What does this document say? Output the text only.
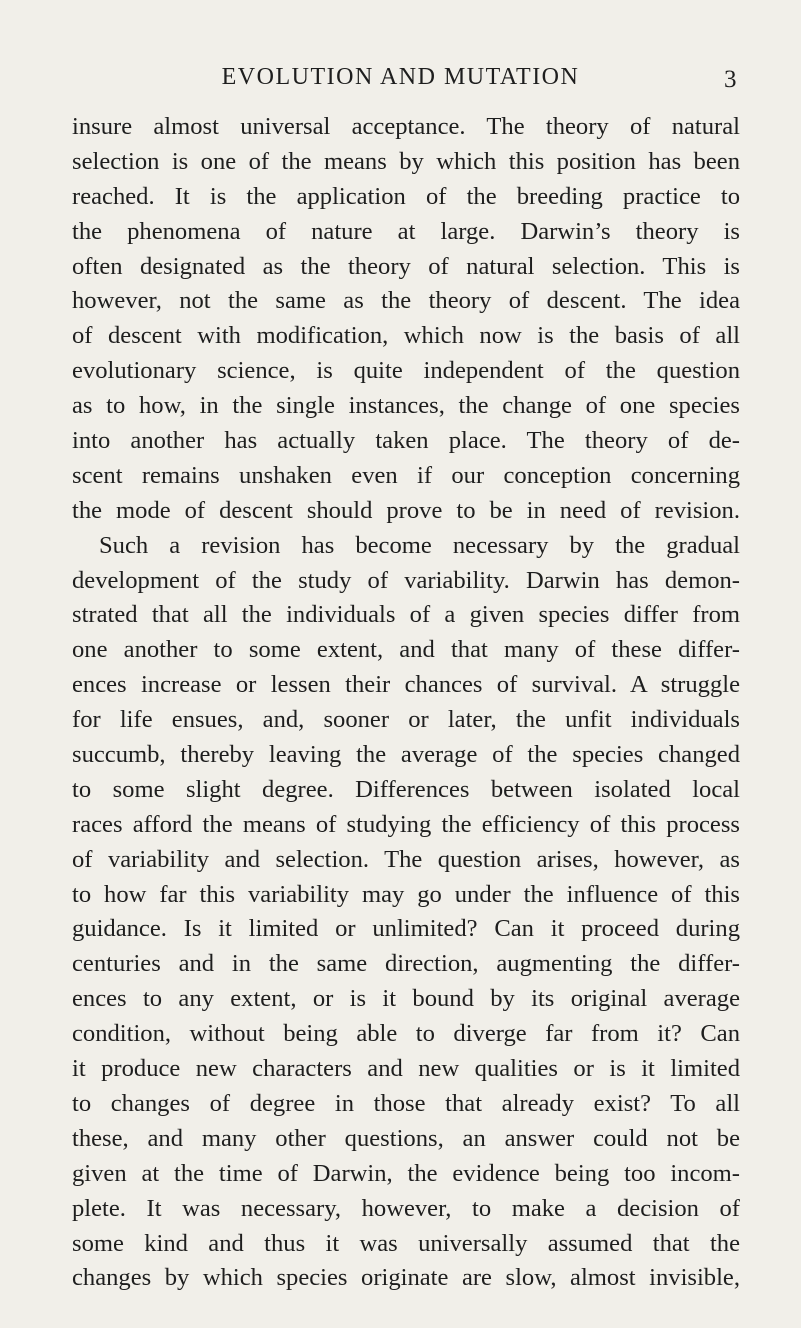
EVOLUTION AND MUTATION	3
insure almost universal acceptance. The theory of natural
selection is one of the means by which this position has been
reached. It is the application of the breeding practice to
the phenomena of nature at large. Darwin’s theory is
often designated as the theory of natural selection. This is
however, not the same as the theory of descent. The idea
of descent with modification, which now is the basis of all
evolutionary science, is quite independent of the question
as to how, in the single instances, the change of one species
into another has actually taken place. The theory of de-
scent remains unshaken even if our conception concerning
the mode of descent should prove to be in need of revision.
Such a revision has become necessary by the gradual
development of the study of variability. Darwin has demon-
strated that all the individuals of a given species differ from
one another to some extent, and that many of these differ-
ences increase or lessen their chances of survival. A struggle
for life ensues, and, sooner or later, the unfit individuals
succumb, thereby leaving the average of the species changed
to some slight degree. Differences between isolated local
races afford the means of studying the efficiency of this process
of variability and selection. The question arises, however, as
to how far this variability may go under the influence of this
guidance. Is it limited or unlimited? Can it proceed during
centuries and in the same direction, augmenting the differ-
ences to any extent, or is it bound by its original average
condition, without being able to diverge far from it? Can
it produce new characters and new qualities or is it limited
to changes of degree in those that already exist? To all
these, and many other questions, an answer could not be
given at the time of Darwin, the evidence being too incom-
plete. It was necessary, however, to make a decision of
some kind and thus it was universally assumed that the
changes by which species originate are slow, almost invisible,
